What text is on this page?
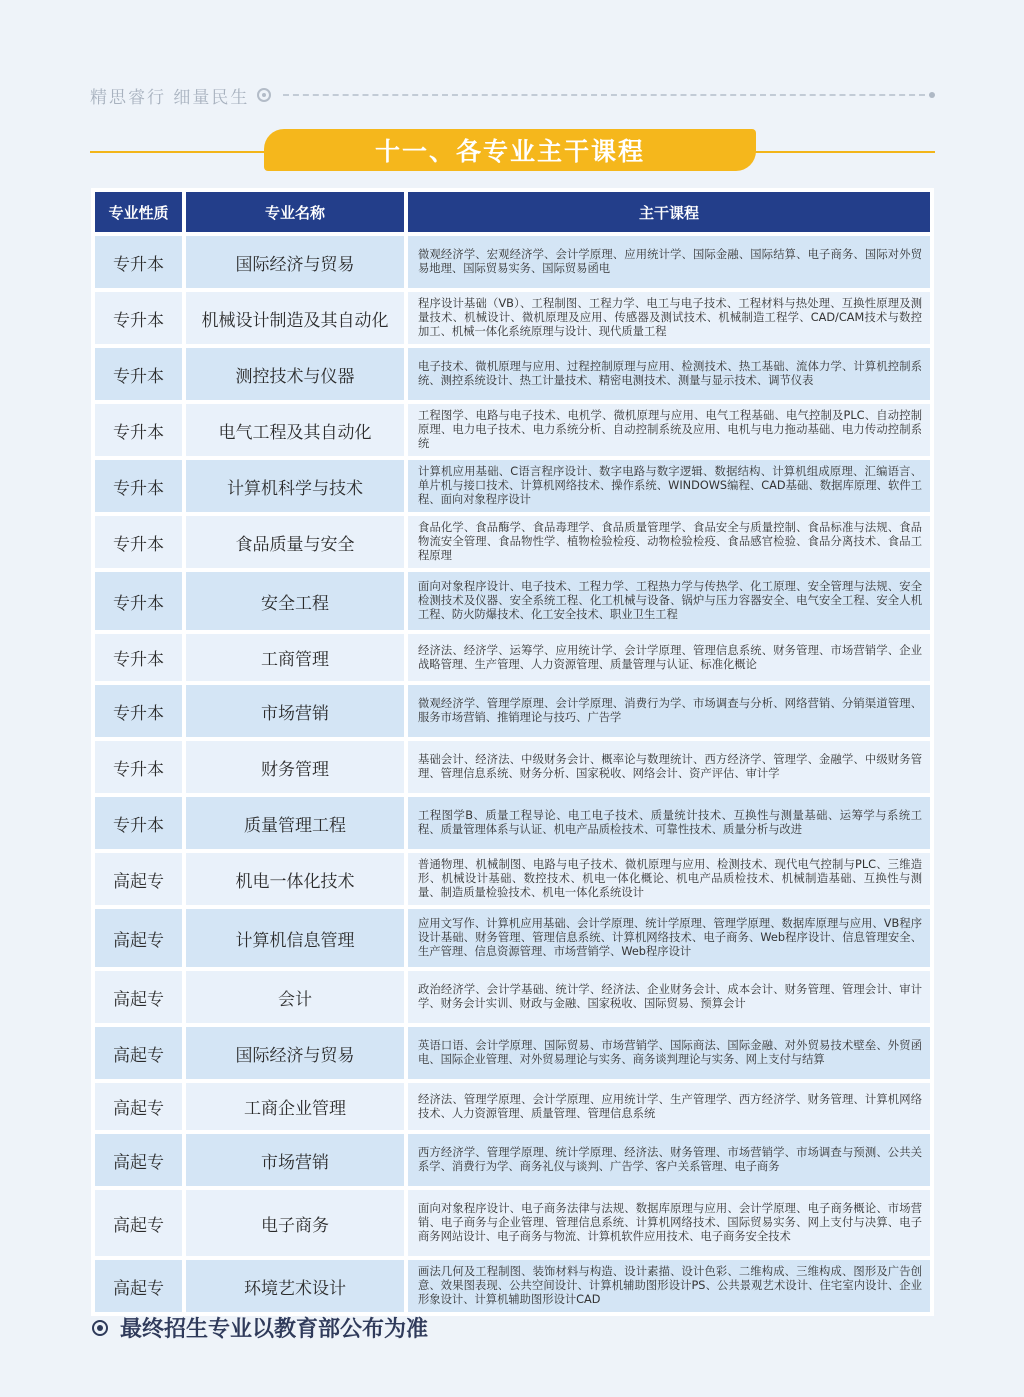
精思睿行 细量民生
十一、各专业主干课程
专业性质	专业名称	主干课程
专升本	国际经济与贸易	微观经济学、宏观经济学、会计学原理、应用统计学、国际金融、国际结算、电子商务、国际对外贸易地理、国际贸易实务、国际贸易函电
专升本	机械设计制造及其自动化	程序设计基础（VB）、工程制图、工程力学、电工与电子技术、工程材料与热处理、互换性原理及测量技术、机械设计、微机原理及应用、传感器及测试技术、机械制造工程学、CAD/CAM技术与数控加工、机械一体化系统原理与设计、现代质量工程
专升本	测控技术与仪器	电子技术、微机原理与应用、过程控制原理与应用、检测技术、热工基础、流体力学、计算机控制系统、测控系统设计、热工计量技术、精密电测技术、测量与显示技术、调节仪表
专升本	电气工程及其自动化	工程图学、电路与电子技术、电机学、微机原理与应用、电气工程基础、电气控制及PLC、自动控制原理、电力电子技术、电力系统分析、自动控制系统及应用、电机与电力拖动基础、电力传动控制系统
专升本	计算机科学与技术	计算机应用基础、C语言程序设计、数字电路与数字逻辑、数据结构、计算机组成原理、汇编语言、单片机与接口技术、计算机网络技术、操作系统、WINDOWS编程、CAD基础、数据库原理、软件工程、面向对象程序设计
专升本	食品质量与安全	食品化学、食品酶学、食品毒理学、食品质量管理学、食品安全与质量控制、食品标准与法规、食品物流安全管理、食品物性学、植物检验检疫、动物检验检疫、食品感官检验、食品分离技术、食品工程原理
专升本	安全工程	面向对象程序设计、电子技术、工程力学、工程热力学与传热学、化工原理、安全管理与法规、安全检测技术及仪器、安全系统工程、化工机械与设备、锅炉与压力容器安全、电气安全工程、安全人机工程、防火防爆技术、化工安全技术、职业卫生工程
专升本	工商管理	经济法、经济学、运筹学、应用统计学、会计学原理、管理信息系统、财务管理、市场营销学、企业战略管理、生产管理、人力资源管理、质量管理与认证、标准化概论
专升本	市场营销	微观经济学、管理学原理、会计学原理、消费行为学、市场调查与分析、网络营销、分销渠道管理、服务市场营销、推销理论与技巧、广告学
专升本	财务管理	基础会计、经济法、中级财务会计、概率论与数理统计、西方经济学、管理学、金融学、中级财务管理、管理信息系统、财务分析、国家税收、网络会计、资产评估、审计学
专升本	质量管理工程	工程图学B、质量工程导论、电工电子技术、质量统计技术、互换性与测量基础、运筹学与系统工程、质量管理体系与认证、机电产品质检技术、可靠性技术、质量分析与改进
高起专	机电一体化技术	普通物理、机械制图、电路与电子技术、微机原理与应用、检测技术、现代电气控制与PLC、三维造形、机械设计基础、数控技术、机电一体化概论、机电产品质检技术、机械制造基础、互换性与测量、制造质量检验技术、机电一体化系统设计
高起专	计算机信息管理	应用文写作、计算机应用基础、会计学原理、统计学原理、管理学原理、数据库原理与应用、VB程序设计基础、财务管理、管理信息系统、计算机网络技术、电子商务、Web程序设计、信息管理安全、生产管理、信息资源管理、市场营销学、Web程序设计
高起专	会计	政治经济学、会计学基础、统计学、经济法、企业财务会计、成本会计、财务管理、管理会计、审计学、财务会计实训、财政与金融、国家税收、国际贸易、预算会计
高起专	国际经济与贸易	英语口语、会计学原理、国际贸易、市场营销学、国际商法、国际金融、对外贸易技术壁垒、外贸函电、国际企业管理、对外贸易理论与实务、商务谈判理论与实务、网上支付与结算
高起专	工商企业管理	经济法、管理学原理、会计学原理、应用统计学、生产管理学、西方经济学、财务管理、计算机网络技术、人力资源管理、质量管理、管理信息系统
高起专	市场营销	西方经济学、管理学原理、统计学原理、经济法、财务管理、市场营销学、市场调查与预测、公共关系学、消费行为学、商务礼仪与谈判、广告学、客户关系管理、电子商务
高起专	电子商务	面向对象程序设计、电子商务法律与法规、数据库原理与应用、会计学原理、电子商务概论、市场营销、电子商务与企业管理、管理信息系统、计算机网络技术、国际贸易实务、网上支付与决算、电子商务网站设计、电子商务与物流、计算机软件应用技术、电子商务安全技术
高起专	环境艺术设计	画法几何及工程制图、装饰材料与构造、设计素描、设计色彩、二维构成、三维构成、图形及广告创意、效果图表现、公共空间设计、计算机辅助图形设计PS、公共景观艺术设计、住宅室内设计、企业形象设计、计算机辅助图形设计CAD
最终招生专业以教育部公布为准
